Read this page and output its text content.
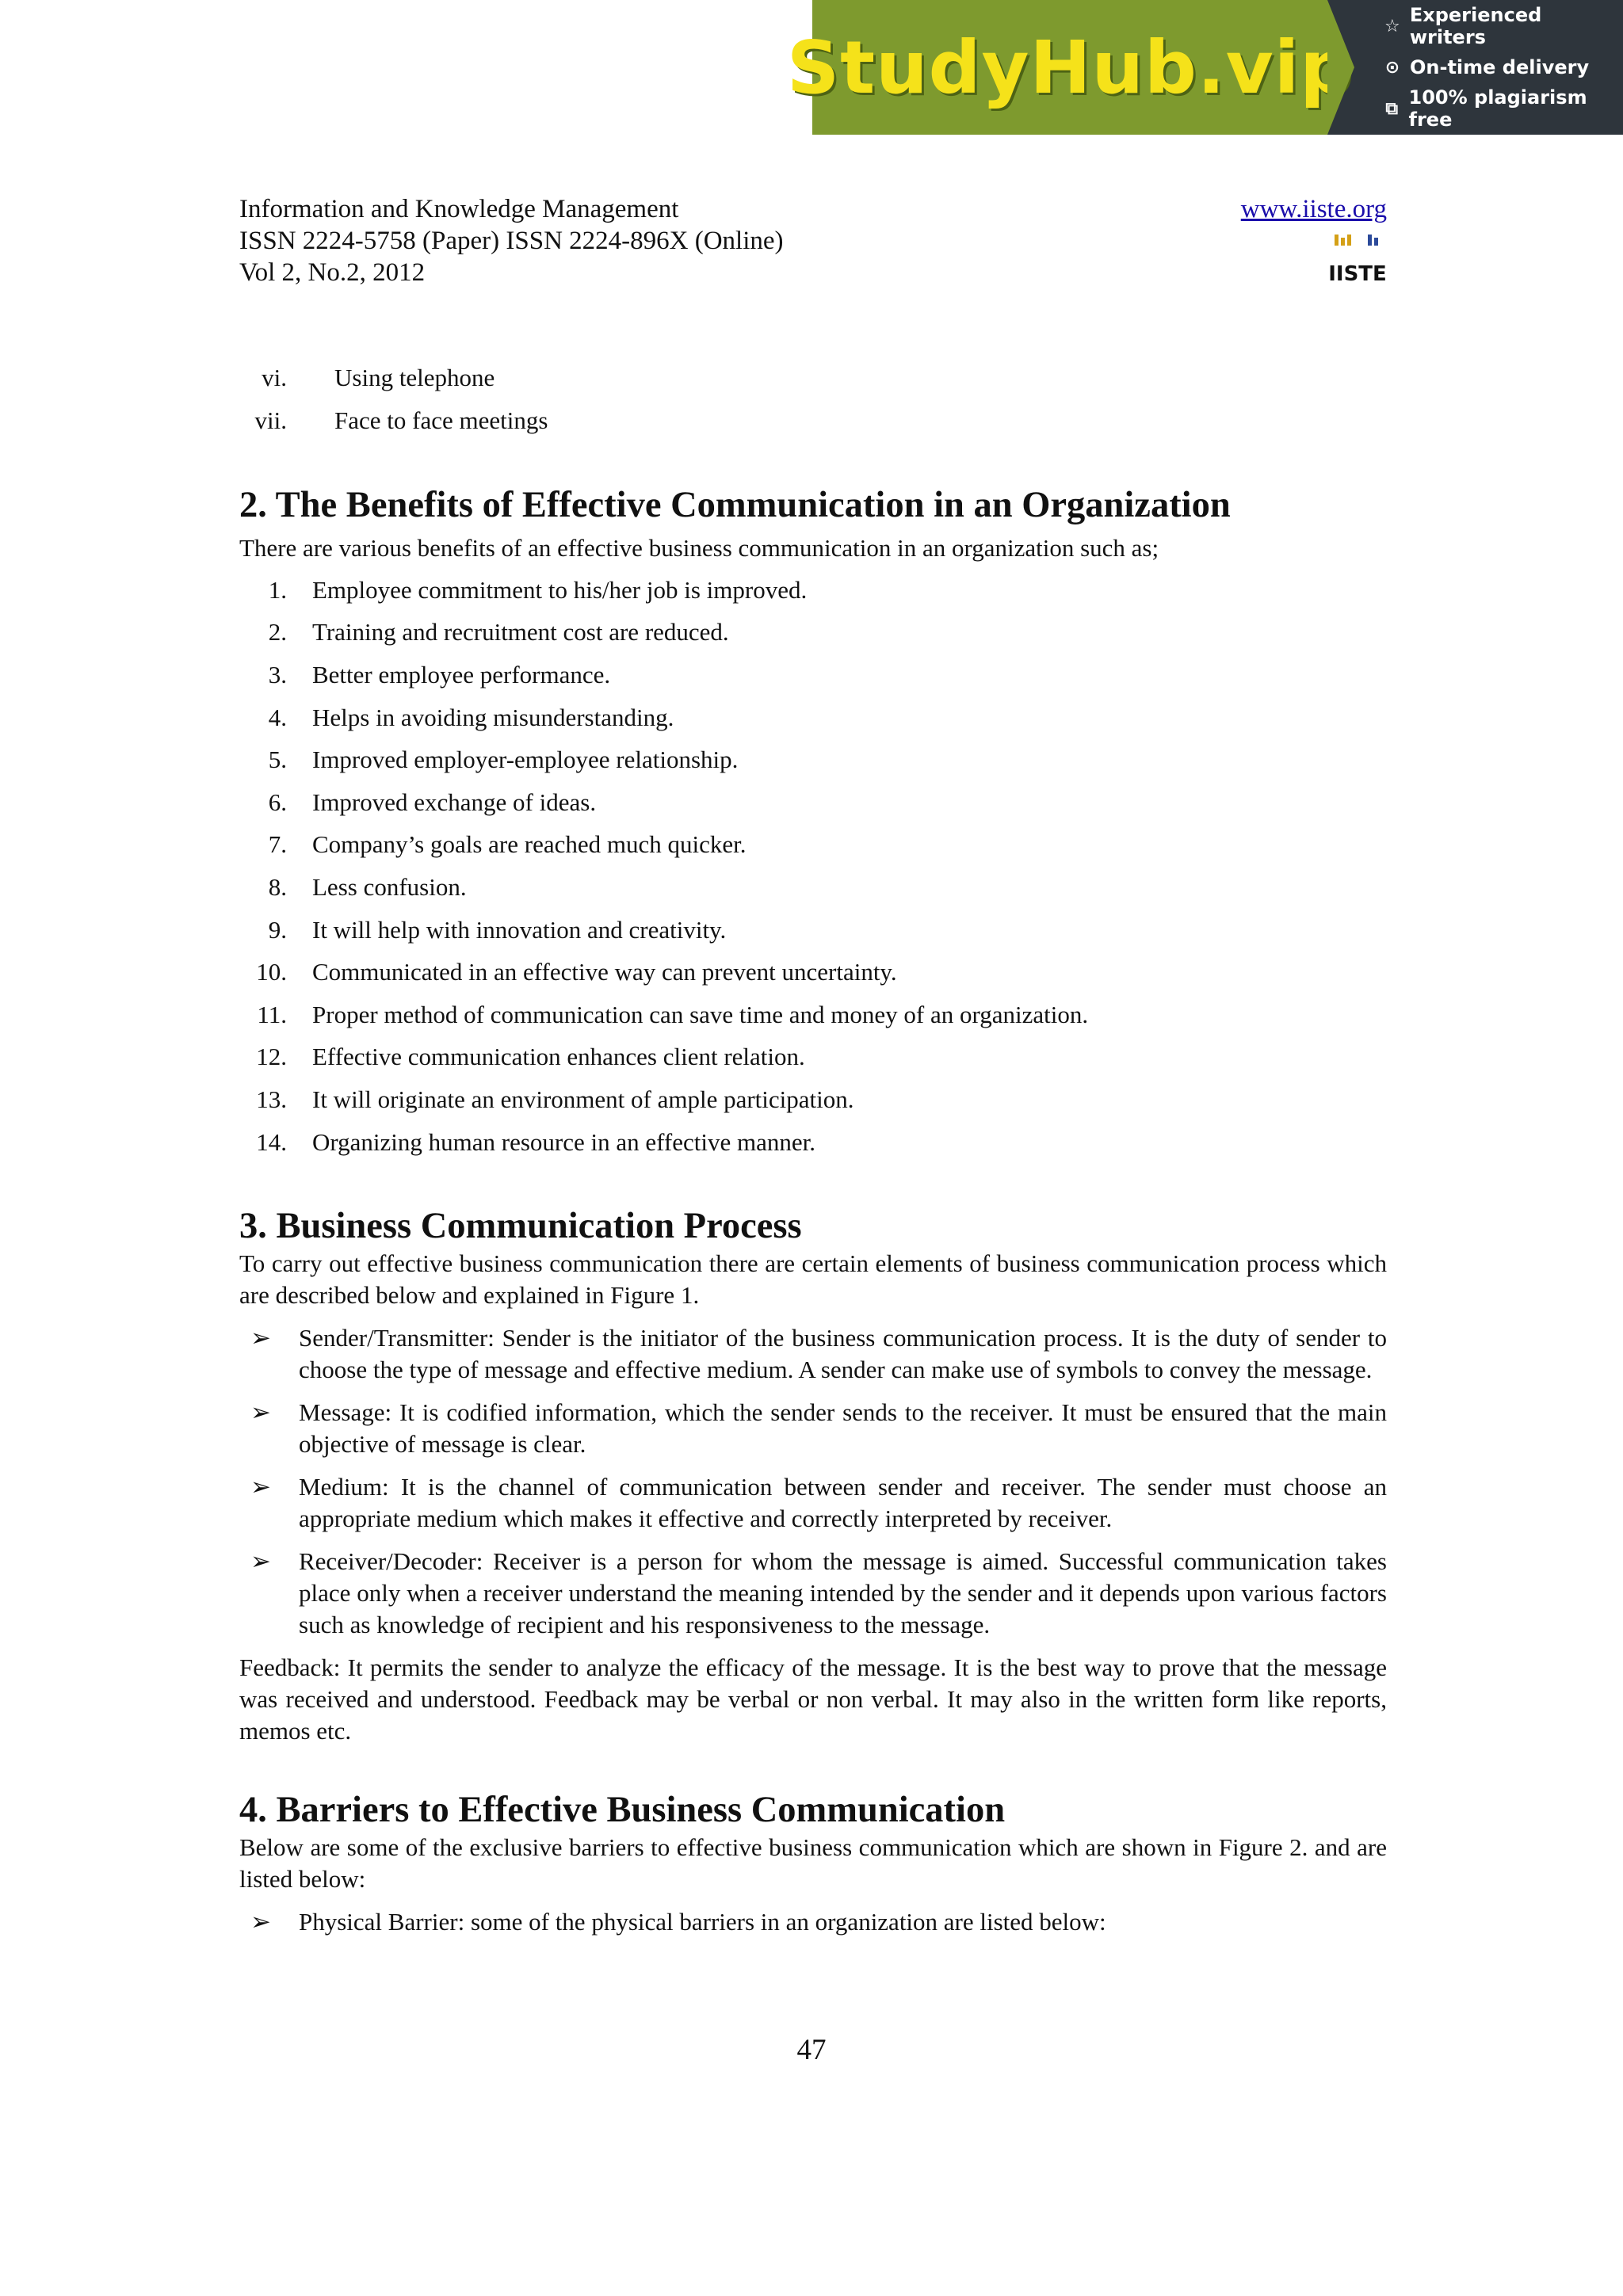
StudyHub.vip ☆ Experienced writers
⊙ On-time delivery
⧉ 100% plagiarism free
Information and Knowledge Management
ISSN 2224-5758 (Paper) ISSN 2224-896X (Online)
Vol 2, No.2, 2012
www.iiste.org
IISTE
vi.	Using telephone
vii.	Face to face meetings
2. The Benefits of Effective Communication in an Organization

There are various benefits of an effective business communication in an organization such as;

1.	Employee commitment to his/her job is improved.
2.	Training and recruitment cost are reduced.
3.	Better employee performance.
4.	Helps in avoiding misunderstanding.
5.	Improved employer-employee relationship.
6.	Improved exchange of ideas.
7.	Company’s goals are reached much quicker.
8.	Less confusion.
9.	It will help with innovation and creativity.
10.	Communicated in an effective way can prevent uncertainty.
11.	Proper method of communication can save time and money of an organization.
12.	Effective communication enhances client relation.
13.	It will originate an environment of ample participation.
14.	Organizing human resource in an effective manner.
3. Business Communication Process

To carry out effective business communication there are certain elements of business communication process which are described below and explained in Figure 1.

➢	Sender/Transmitter: Sender is the initiator of the business communication process. It is the duty of sender to choose the type of message and effective medium. A sender can make use of symbols to convey the message.
➢	Message: It is codified information, which the sender sends to the receiver. It must be ensured that the main objective of message is clear.
➢	Medium: It is the channel of communication between sender and receiver. The sender must choose an appropriate medium which makes it effective and correctly interpreted by receiver.
➢	Receiver/Decoder: Receiver is a person for whom the message is aimed. Successful communication takes place only when a receiver understand the meaning intended by the sender and it depends upon various factors such as knowledge of recipient and his responsiveness to the message.

Feedback: It permits the sender to analyze the efficacy of the message. It is the best way to prove that the message was received and understood. Feedback may be verbal or non verbal. It may also in the written form like reports, memos etc.

4. Barriers to Effective Business Communication

Below are some of the exclusive barriers to effective business communication which are shown in Figure 2. and are listed below:

➢	Physical Barrier: some of the physical barriers in an organization are listed below:
47
